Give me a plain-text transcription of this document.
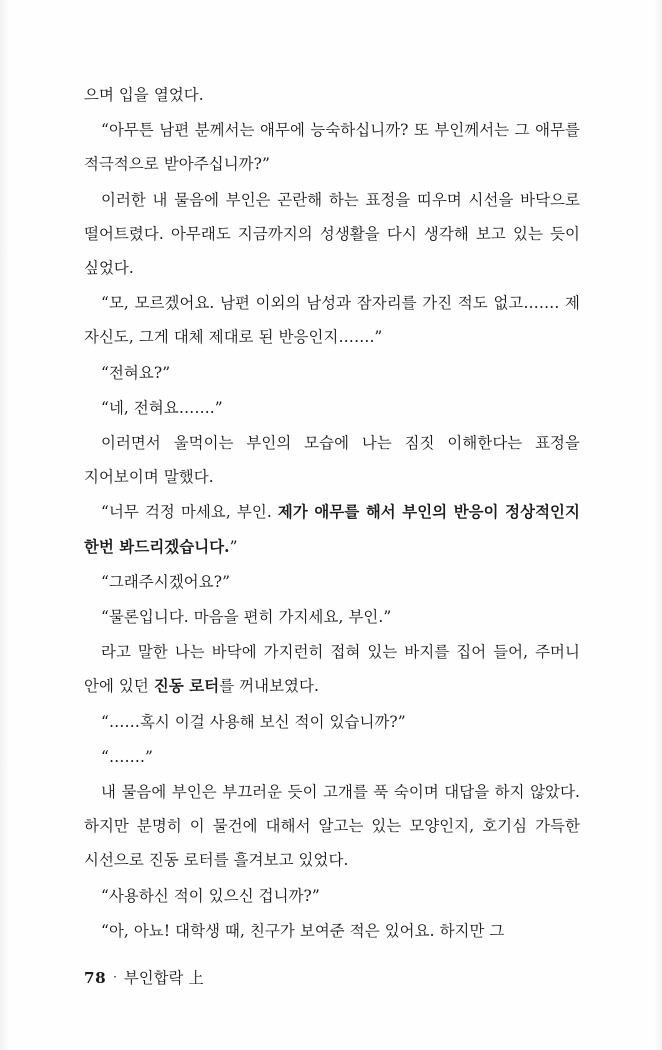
으며 입을 열었다.

“아무튼 남편 분께서는 애무에 능숙하십니까? 또 부인께서는 그 애무를 적극적으로 받아주십니까?”

이러한 내 물음에 부인은 곤란해 하는 표정을 띠우며 시선을 바닥으로 떨어트렸다. 아무래도 지금까지의 성생활을 다시 생각해 보고 있는 듯이 싶었다.

“모, 모르겠어요. 남편 이외의 남성과 잠자리를 가진 적도 없고……. 제 자신도, 그게 대체 제대로 된 반응인지…….”

“전혀요?”

“네, 전혀요…….”

이러면서 울먹이는 부인의 모습에 나는 짐짓 이해한다는 표정을 지어보이며 말했다.

“너무 걱정 마세요, 부인. 제가 애무를 해서 부인의 반응이 정상적인지 한번 봐드리겠습니다.”

“그래주시겠어요?”

“물론입니다. 마음을 편히 가지세요, 부인.”

라고 말한 나는 바닥에 가지런히 접혀 있는 바지를 집어 들어, 주머니 안에 있던 진동 로터를 꺼내보였다.

“……혹시 이걸 사용해 보신 적이 있습니까?”

“…….”

내 물음에 부인은 부끄러운 듯이 고개를 푹 숙이며 대답을 하지 않았다. 하지만 분명히 이 물건에 대해서 알고는 있는 모양인지, 호기심 가득한 시선으로 진동 로터를 흘겨보고 있었다.

“사용하신 적이 있으신 겁니까?”

“아, 아뇨! 대학생 때, 친구가 보여준 적은 있어요. 하지만 그

78 · 부인합락 上
